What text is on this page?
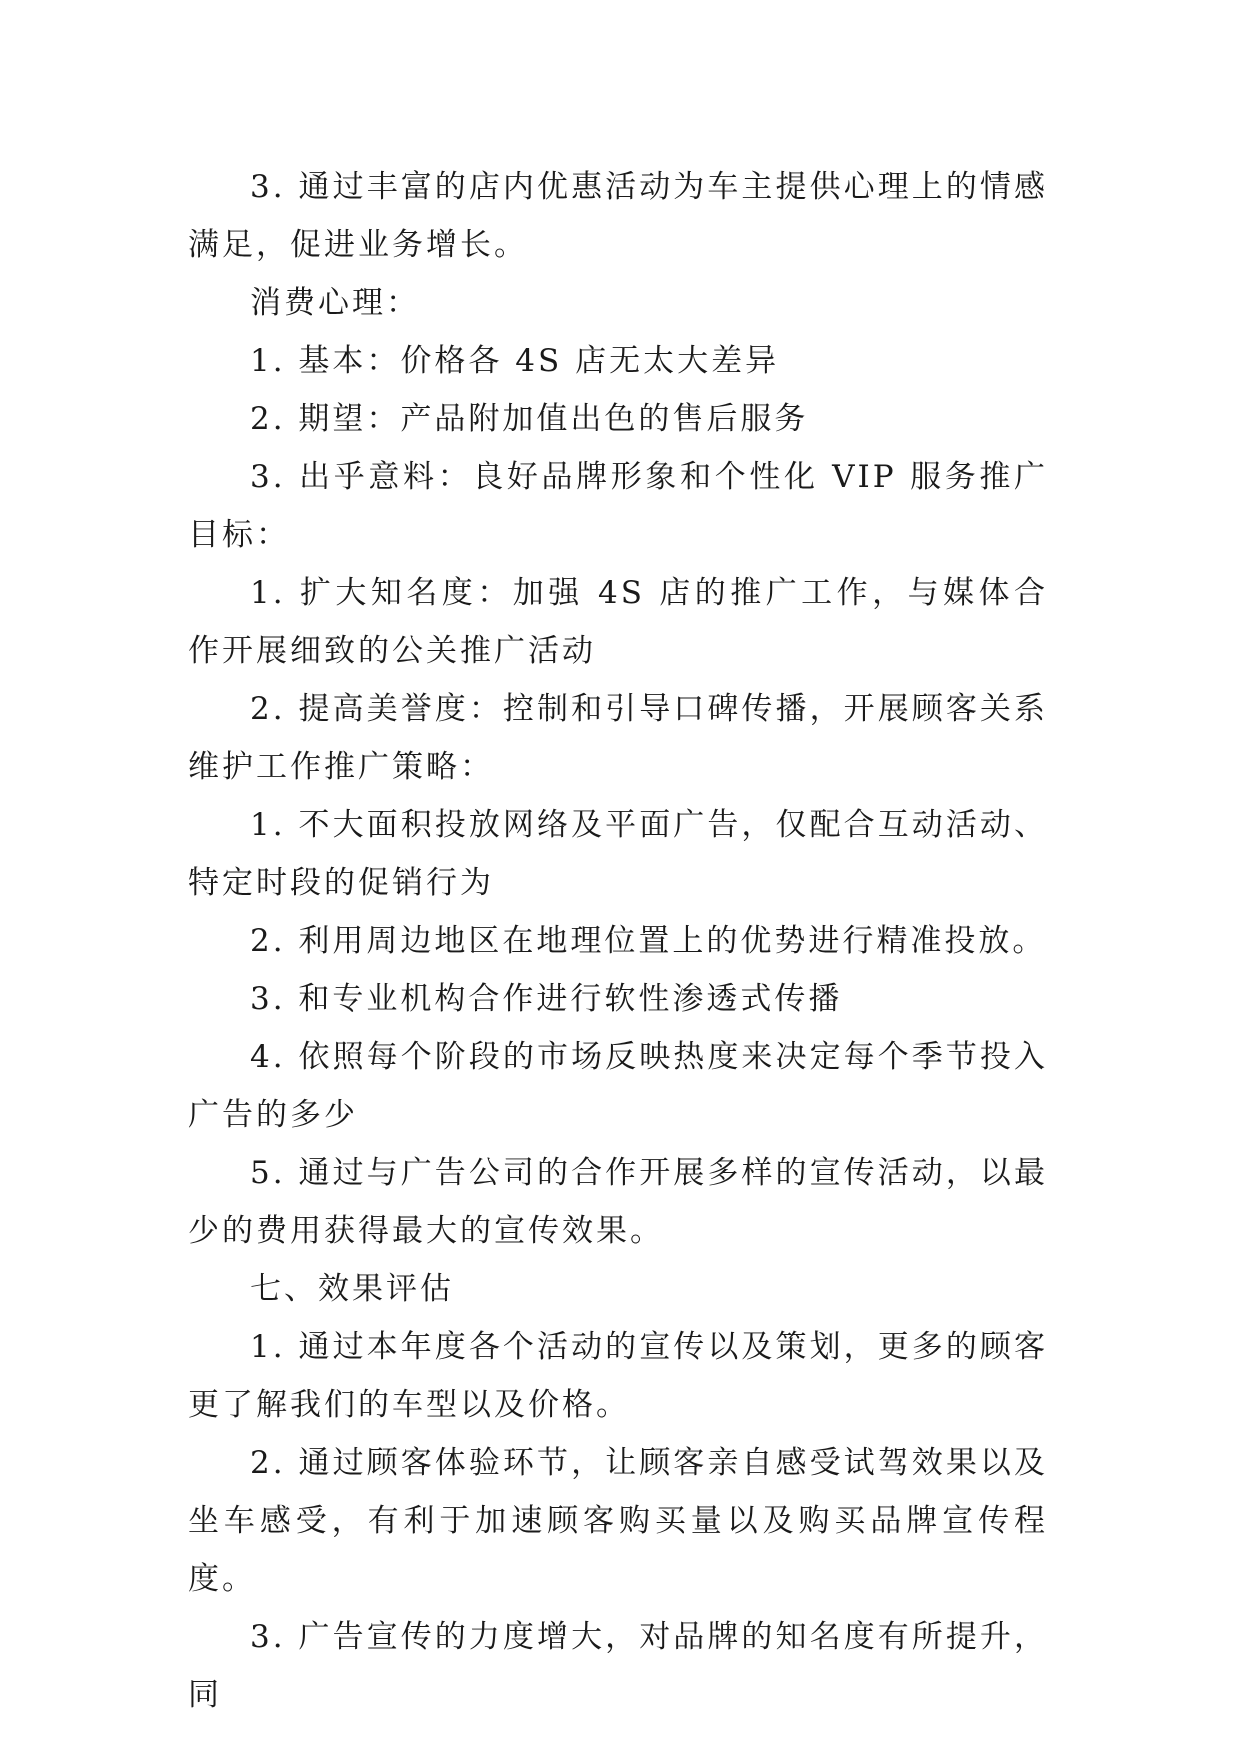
3. 通过丰富的店内优惠活动为车主提供心理上的情感满足，促进业务增长。

消费心理：

1. 基本：价格各 4S 店无太大差异

2. 期望：产品附加值出色的售后服务

3. 出乎意料：良好品牌形象和个性化 VIP 服务推广目标：

1. 扩大知名度：加强 4S 店的推广工作，与媒体合作开展细致的公关推广活动

2. 提高美誉度：控制和引导口碑传播，开展顾客关系维护工作推广策略：

1. 不大面积投放网络及平面广告，仅配合互动活动、特定时段的促销行为

2. 利用周边地区在地理位置上的优势进行精准投放。

3. 和专业机构合作进行软性渗透式传播

4. 依照每个阶段的市场反映热度来决定每个季节投入广告的多少

5. 通过与广告公司的合作开展多样的宣传活动，以最少的费用获得最大的宣传效果。

七、效果评估

1. 通过本年度各个活动的宣传以及策划，更多的顾客更了解我们的车型以及价格。

2. 通过顾客体验环节，让顾客亲自感受试驾效果以及坐车感受，有利于加速顾客购买量以及购买品牌宣传程度。

3. 广告宣传的力度增大，对品牌的知名度有所提升，同
